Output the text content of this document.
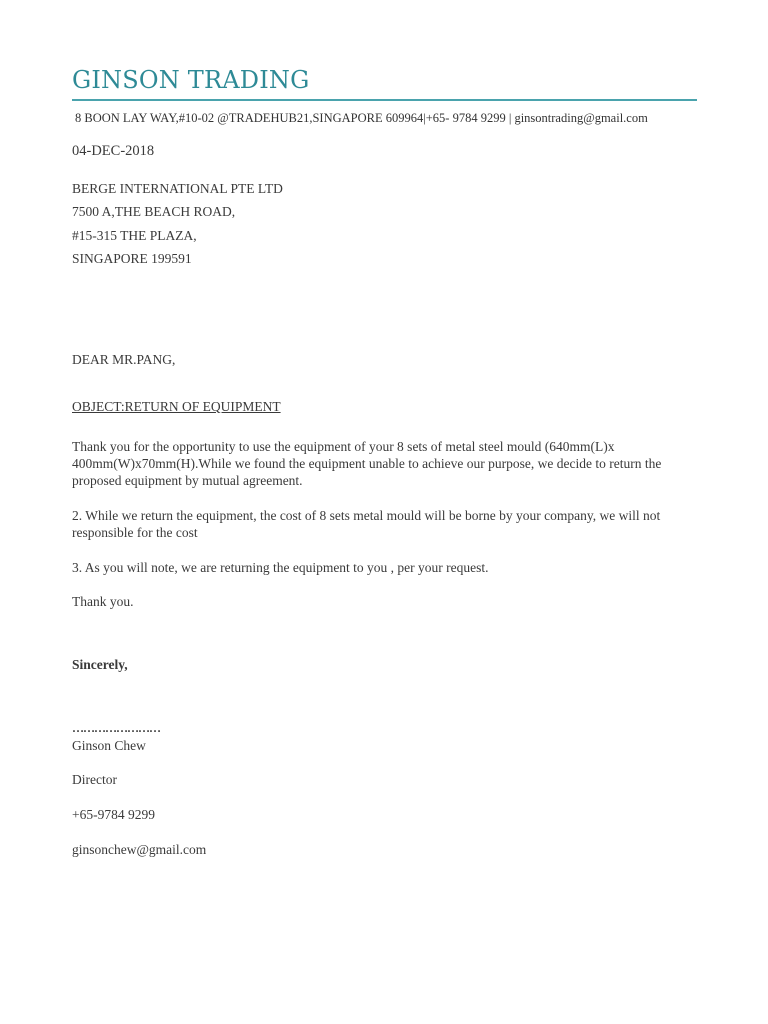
GINSON TRADING
8 BOON LAY WAY,#10-02 @TRADEHUB21,SINGAPORE 609964|+65- 9784 9299 | ginsontrading@gmail.com
04-DEC-2018
BERGE INTERNATIONAL PTE LTD
7500 A,THE BEACH ROAD,
#15-315 THE PLAZA,
SINGAPORE 199591
DEAR MR.PANG,
OBJECT:RETURN OF EQUIPMENT
Thank you for the opportunity to use the equipment of your 8 sets of metal steel mould (640mm(L)x 400mm(W)x70mm(H).While we found the equipment unable to achieve our purpose, we decide to return the proposed equipment by mutual agreement.
2. While we return the equipment, the cost of 8 sets metal mould will be borne by your company, we will not responsible for the cost
3. As you will note, we are returning the equipment to you , per your request.
Thank you.
Sincerely,
……………………
Ginson Chew
Director
+65-9784 9299
ginsonchew@gmail.com
